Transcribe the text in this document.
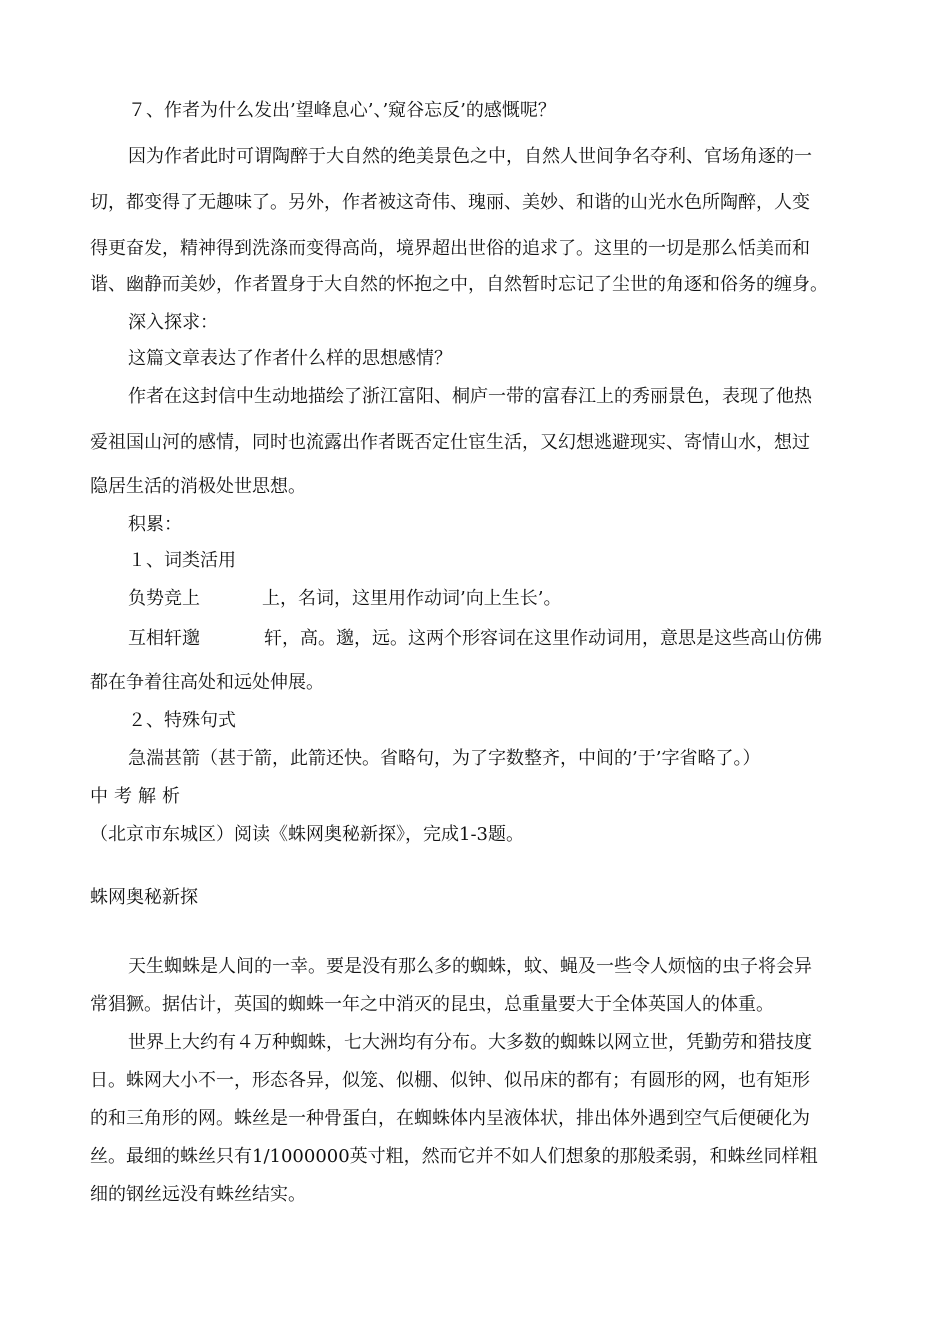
７、作者为什么发出’望峰息心’、’窥谷忘反’的感慨呢？
因为作者此时可谓陶醉于大自然的绝美景色之中，自然人世间争名夺利、官场角逐的一
切，都变得了无趣味了。另外，作者被这奇伟、瑰丽、美妙、和谐的山光水色所陶醉，人变
得更奋发，精神得到洗涤而变得高尚，境界超出世俗的追求了。这里的一切是那么恬美而和
谐、幽静而美妙，作者置身于大自然的怀抱之中，自然暂时忘记了尘世的角逐和俗务的缠身。
深入探求：
这篇文章表达了作者什么样的思想感情？
作者在这封信中生动地描绘了浙江富阳、桐庐一带的富春江上的秀丽景色，表现了他热
爱祖国山河的感情，同时也流露出作者既否定仕宦生活，又幻想逃避现实、寄情山水，想过
隐居生活的消极处世思想。
积累：
１、词类活用
负势竞上	上，名词，这里用作动词’向上生长’。
互相轩邈	轩，高。邈，远。这两个形容词在这里作动词用，意思是这些高山仿佛
都在争着往高处和远处伸展。
２、特殊句式
急湍甚箭（甚于箭，此箭还快。省略句，为了字数整齐，中间的’于’字省略了。）
中考解析
（北京市东城区）阅读《蛛网奥秘新探》，完成1-3题。
蛛网奥秘新探
天生蜘蛛是人间的一幸。要是没有那么多的蜘蛛，蚊、蝇及一些令人烦恼的虫子将会异
常猖獗。据估计，英国的蜘蛛一年之中消灭的昆虫，总重量要大于全体英国人的体重。
世界上大约有４万种蜘蛛，七大洲均有分布。大多数的蜘蛛以网立世，凭勤劳和猎技度
日。蛛网大小不一，形态各异，似笼、似棚、似钟、似吊床的都有；有圆形的网，也有矩形
的和三角形的网。蛛丝是一种骨蛋白，在蜘蛛体内呈液体状，排出体外遇到空气后便硬化为
丝。最细的蛛丝只有1/1000000英寸粗，然而它并不如人们想象的那般柔弱，和蛛丝同样粗
细的钢丝远没有蛛丝结实。
